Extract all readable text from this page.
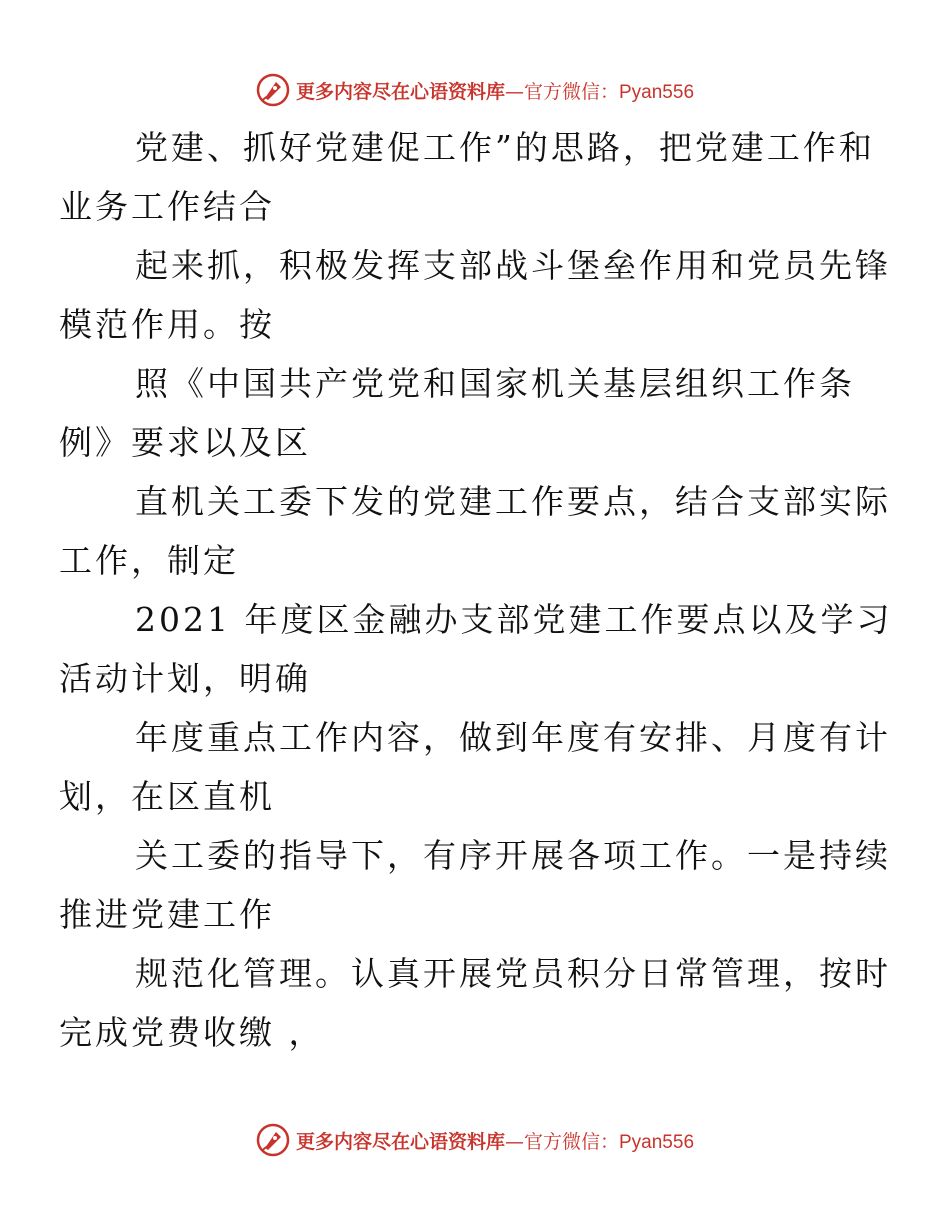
更多内容尽在心语资料库 — 官方微信： Pyan556

党建、抓好党建促工作”的思路，把党建工作和
业务工作结合

起来抓，积极发挥支部战斗堡垒作用和党员先锋
模范作用。按

照《中国共产党党和国家机关基层组织工作条
例》要求以及区

直机关工委下发的党建工作要点，结合支部实际
工作，制定

2021 年度区金融办支部党建工作要点以及学习
活动计划，明确

年度重点工作内容，做到年度有安排、月度有计
划，在区直机

关工委的指导下，有序开展各项工作。一是持续
推进党建工作

规范化管理。认真开展党员积分日常管理，按时
完成党费收缴 ，

更多内容尽在心语资料库 — 官方微信： Pyan556
